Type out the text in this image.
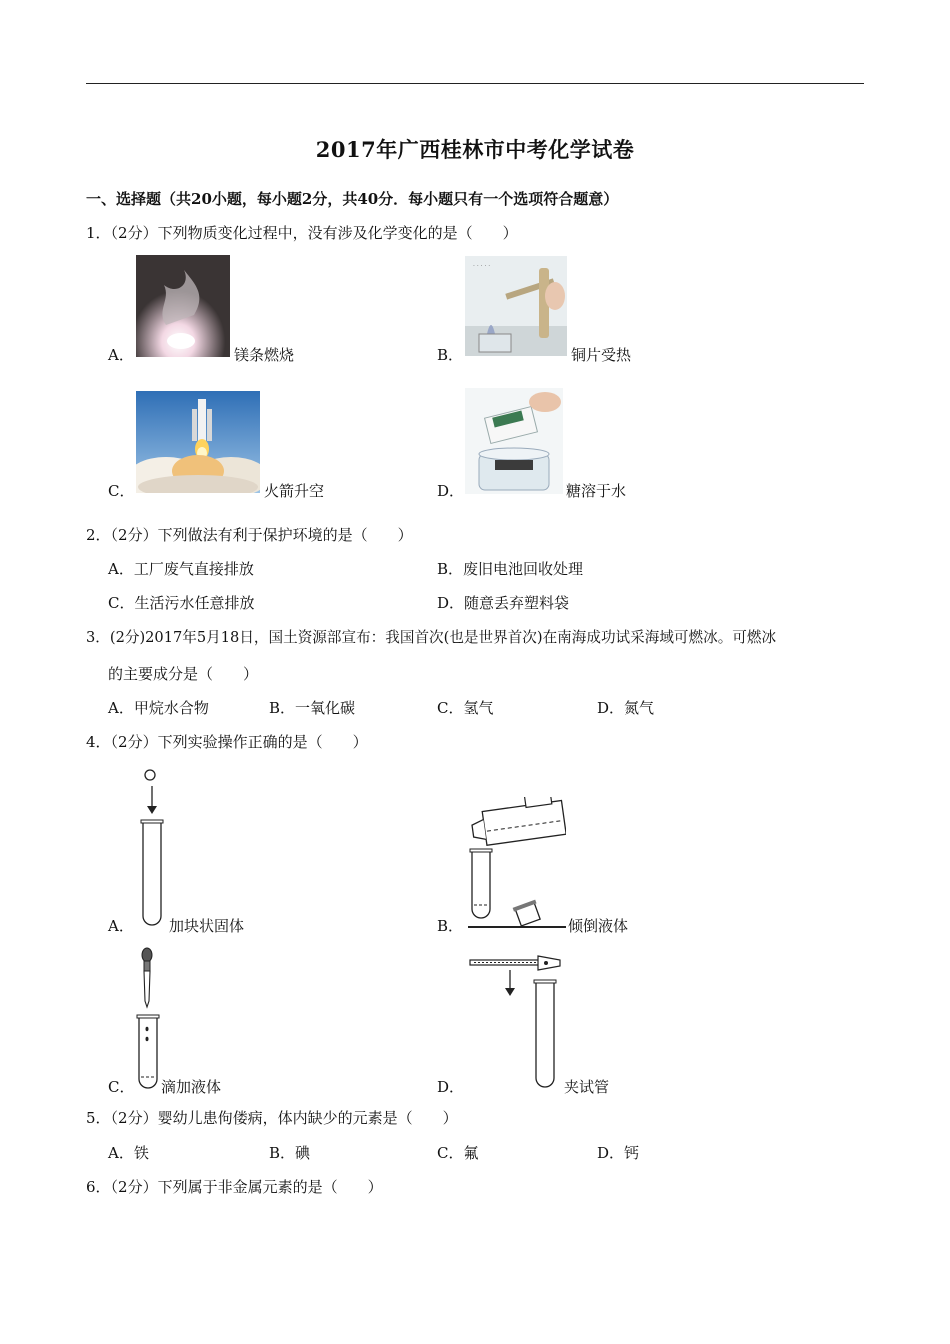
2017年广西桂林市中考化学试卷
一、选择题（共20小题，每小题2分，共40分．每小题只有一个选项符合题意）
1．（2分）下列物质变化过程中，没有涉及化学变化的是（　　）
A．	镁条燃烧	B．
· · · · ·
铜片受热
C．	火箭升空	D．	糖溶于水
2．（2分）下列做法有利于保护环境的是（　　）
A．工厂废气直接排放	B．废旧电池回收处理
C．生活污水任意排放	D．随意丢弃塑料袋
3．(2分)2017年5月18日，国土资源部宣布：我国首次(也是世界首次)在南海成功试采海域可燃冰。可燃冰
的主要成分是（　　）
A．甲烷水合物	B．一氧化碳	C．氢气	D．氮气
4．（2分）下列实验操作正确的是（　　）
A． 加块状固体	B．	倾倒液体
C． 滴加液体	D．	夹试管
5．（2分）婴幼儿患佝偻病，体内缺少的元素是（　　）
A．铁	B．碘	C．氟	D．钙
6．（2分）下列属于非金属元素的是（　　）
